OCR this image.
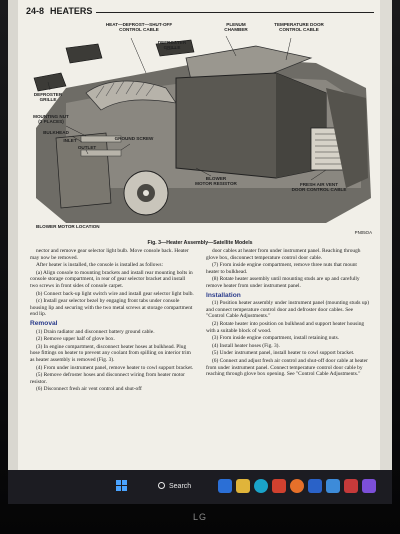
24-8 HEATERS
HEAT—DEFROST—SHUT-OFF
CONTROL CABLE
DEFROSTER
GRILLE
PLENUM
CHAMBER
TEMPERATURE DOOR
CONTROL CABLE
DEFROSTER
GRILLE
MOUNTING NUT
(3 PLACES)
BULKHEAD
INLET
OUTLET
GROUND SCREW
BLOWER
MOTOR RESISTOR	FRESH AIR VENT
DOOR CONTROL CABLE
BLOWER MOTOR LOCATION
PN05OA
Fig. 3—Heater Assembly—Satellite Models

nector and remove gear selector light bulb. Move console back. Heater may now be removed.

After heater is installed, the console is installed as follows:

(a) Align console to mounting brackets and install rear mounting bolts in console storage compartment, in rear of gear selector bracket and install two screws in front sides of console carpet.

(b) Connect back-up light switch wire and install gear selector light bulb.

(c) Install gear selector bezel by engaging front tabs under console housing lip and securing with the two metal screws at storage compartment end lip.

Removal

(1) Drain radiator and disconnect battery ground cable.

(2) Remove upper half of glove box.

(3) In engine compartment, disconnect heater hoses at bulkhead. Plug hose fittings on heater to prevent any coolant from spilling on interior trim as heater assembly is removed (Fig. 3).

(4) From under instrument panel, remove heater to cowl support bracket.

(5) Remove defroster hoses and disconnect wiring from heater motor resistor.

(6) Disconnect fresh air vent control and shut-off

door cables at heater from under instrument panel. Reaching through glove box, disconnect temperature control door cable.

(7) From inside engine compartment, remove three nuts that mount heater to bulkhead.

(8) Rotate heater assembly until mounting studs are up and carefully remove heater from under instrument panel.

Installation

(1) Position heater assembly under instrument panel (mounting studs up) and connect temperature control door and defroster door cables. See "Control Cable Adjustments."

(2) Rotate heater into position on bulkhead and support heater housing with a suitable block of wood.

(3) From inside engine compartment, install retaining nuts.

(4) Install heater hoses (Fig. 3).

(5) Under instrument panel, install heater to cowl support bracket.

(6) Connect and adjust fresh air control and shut-off door cable at heater from under instrument panel. Connect temperature control door cable by reaching through glove box opening. See "Control Cable Adjustments."

Search
LG
